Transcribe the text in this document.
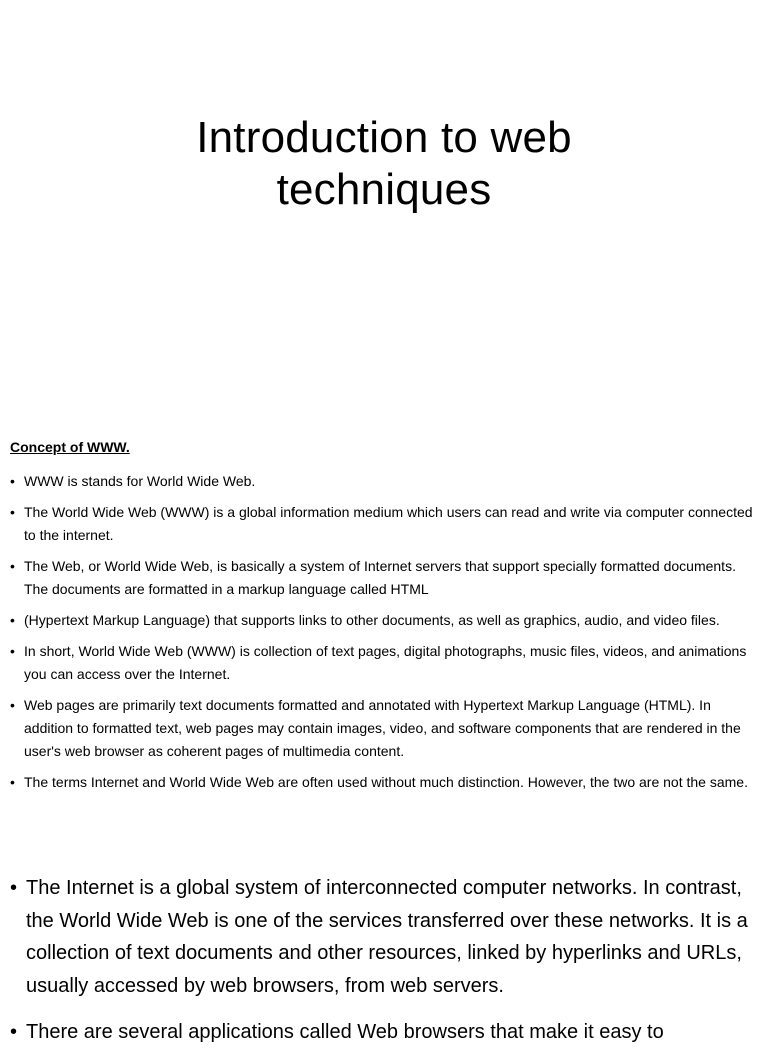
Introduction to web
techniques
Concept of WWW.
• WWW is stands for World Wide Web.
• The World Wide Web (WWW) is a global information medium which users can read and write via computer connected to the internet.
• The Web, or World Wide Web, is basically a system of Internet servers that support specially formatted documents. The documents are formatted in a markup language called HTML
• (Hypertext Markup Language) that supports links to other documents, as well as graphics, audio, and video files.
• In short, World Wide Web (WWW) is collection of text pages, digital photographs, music files, videos, and animations you can access over the Internet.
• Web pages are primarily text documents formatted and annotated with Hypertext Markup Language (HTML). In addition to formatted text, web pages may contain images, video, and software components that are rendered in the user's web browser as coherent pages of multimedia content.
• The terms Internet and World Wide Web are often used without much distinction. However, the two are not the same.
• The Internet is a global system of interconnected computer networks. In contrast, the World Wide Web is one of the services transferred over these networks. It is a collection of text documents and other resources, linked by hyperlinks and URLs, usually accessed by web browsers, from web servers.
• There are several applications called Web browsers that make it easy to
